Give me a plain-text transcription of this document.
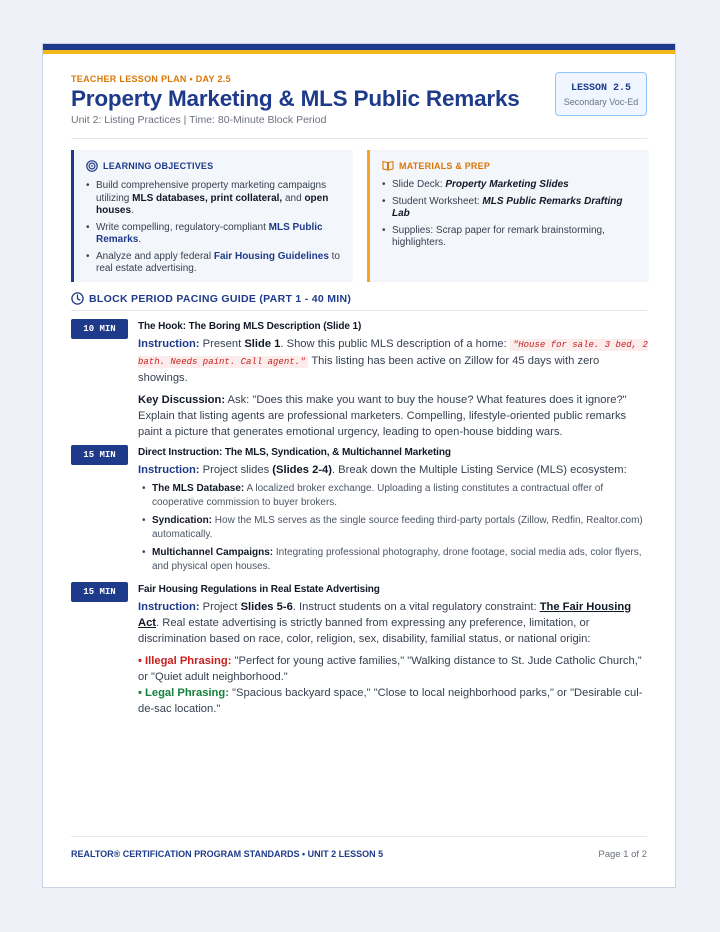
TEACHER LESSON PLAN • DAY 2.5
Property Marketing & MLS Public Remarks
Unit 2: Listing Practices | Time: 80-Minute Block Period
LESSON 2.5
Secondary Voc-Ed
LEARNING OBJECTIVES
• Build comprehensive property marketing campaigns utilizing MLS databases, print collateral, and open houses.
• Write compelling, regulatory-compliant MLS Public Remarks.
• Analyze and apply federal Fair Housing Guidelines to real estate advertising.
MATERIALS & PREP
• Slide Deck: Property Marketing Slides
• Student Worksheet: MLS Public Remarks Drafting Lab
• Supplies: Scrap paper for remark brainstorming, highlighters.
BLOCK PERIOD PACING GUIDE (PART 1 - 40 MIN)
10 MIN	The Hook: The Boring MLS Description (Slide 1)

Instruction: Present Slide 1. Show this public MLS description of a home: "House for sale. 3 bed, 2 bath. Needs paint. Call agent." This listing has been active on Zillow for 45 days with zero showings.

Key Discussion: Ask: "Does this make you want to buy the house? What features does it ignore?" Explain that listing agents are professional marketers. Compelling, lifestyle-oriented public remarks paint a picture that generates emotional urgency, leading to open-house bidding wars.

15 MIN	Direct Instruction: The MLS, Syndication, & Multichannel Marketing

Instruction: Project slides (Slides 2-4). Break down the Multiple Listing Service (MLS) ecosystem:

• The MLS Database: A localized broker exchange. Uploading a listing constitutes a contractual offer of cooperative commission to buyer brokers.
• Syndication: How the MLS serves as the single source feeding third-party portals (Zillow, Redfin, Realtor.com) automatically.
• Multichannel Campaigns: Integrating professional photography, drone footage, social media ads, color flyers, and physical open houses.
15 MIN	Fair Housing Regulations in Real Estate Advertising

Instruction: Project Slides 5-6. Instruct students on a vital regulatory constraint: The Fair Housing Act. Real estate advertising is strictly banned from expressing any preference, limitation, or discrimination based on race, color, religion, sex, disability, familial status, or national origin:

• Illegal Phrasing: "Perfect for young active families," "Walking distance to St. Jude Catholic Church," or "Quiet adult neighborhood."

• Legal Phrasing: "Spacious backyard space," "Close to local neighborhood parks," or "Desirable cul-de-sac location."

REALTOR® CERTIFICATION PROGRAM STANDARDS • UNIT 2 LESSON 5	Page 1 of 2
